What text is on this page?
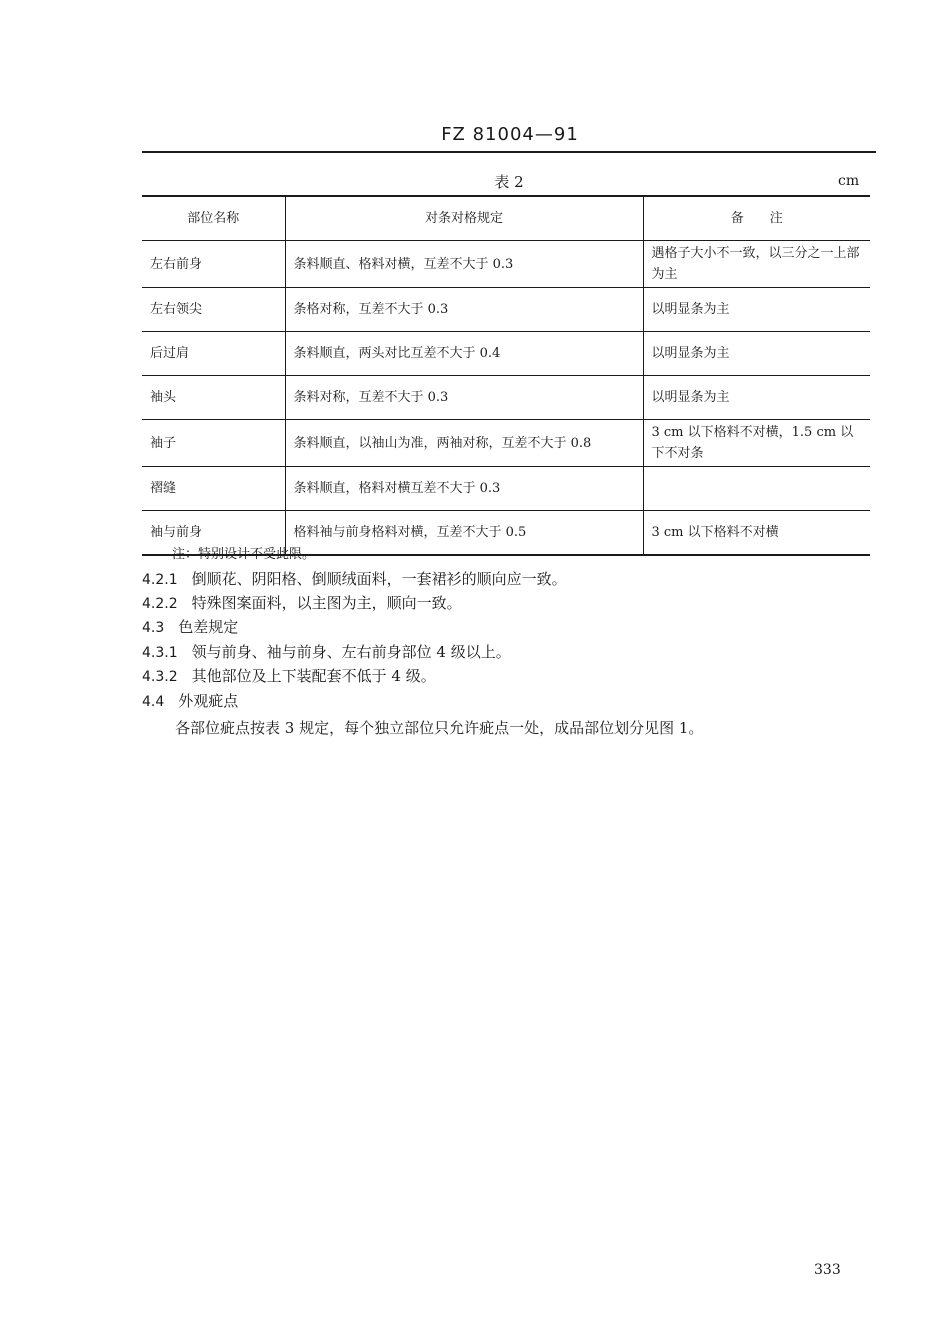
FZ 81004—91
表 2	cm
部位名称	对条对格规定	备　　注
左右前身	条料顺直、格料对横，互差不大于 0.3	遇格子大小不一致，以三分之一上部为主
左右领尖	条格对称，互差不大于 0.3	以明显条为主
后过肩	条料顺直，两头对比互差不大于 0.4	以明显条为主
袖头	条料对称，互差不大于 0.3	以明显条为主
袖子	条料顺直，以袖山为准，两袖对称，互差不大于 0.8	3 cm 以下格料不对横，1.5 cm 以下不对条
褶缝	条料顺直，格料对横互差不大于 0.3	
袖与前身	格料袖与前身格料对横，互差不大于 0.5	3 cm 以下格料不对横
注：特别设计不受此限。
4.2.1 倒顺花、阴阳格、倒顺绒面料，一套裙衫的顺向应一致。
4.2.2 特殊图案面料，以主图为主，顺向一致。
4.3 色差规定
4.3.1 领与前身、袖与前身、左右前身部位 4 级以上。
4.3.2 其他部位及上下装配套不低于 4 级。
4.4 外观疵点
各部位疵点按表 3 规定，每个独立部位只允许疵点一处，成品部位划分见图 1。
333
